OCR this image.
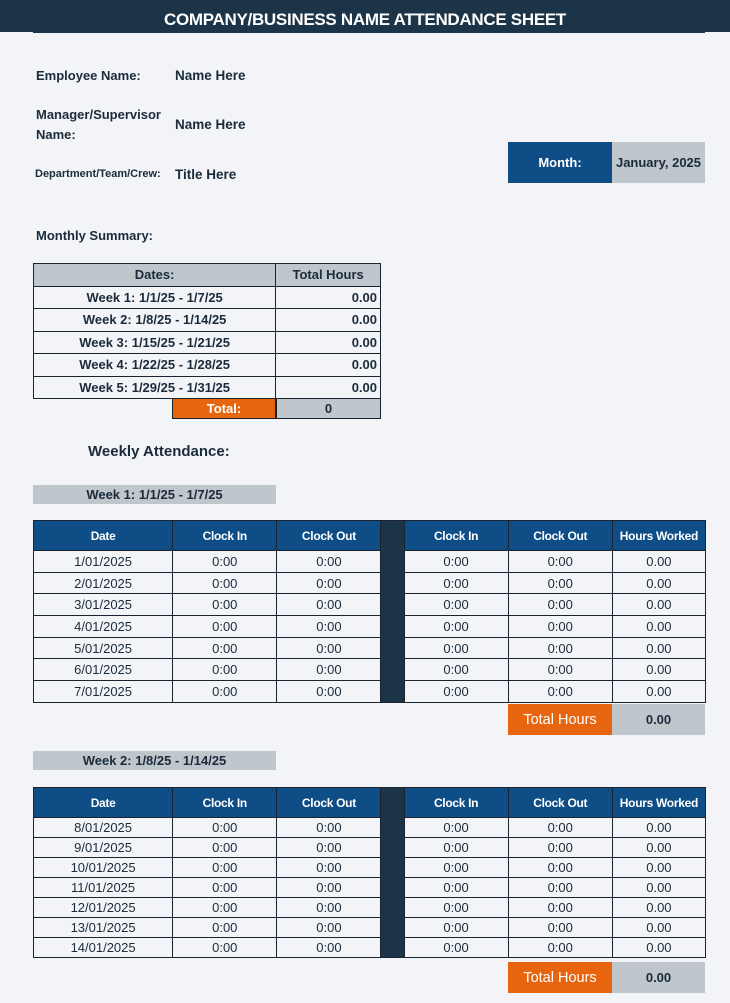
COMPANY/BUSINESS NAME ATTENDANCE SHEET
Employee Name:	Name Here
Manager/Supervisor
Name:
Name Here
Department/Team/Crew: Title Here
Month:	January, 2025
Monthly Summary:
Dates:	Total Hours
Week 1: 1/1/25 - 1/7/25	0.00
Week 2: 1/8/25 - 1/14/25	0.00
Week 3: 1/15/25 - 1/21/25	0.00
Week 4: 1/22/25 - 1/28/25	0.00
Week 5: 1/29/25 - 1/31/25	0.00
Total:	0
Weekly Attendance:
Week 1: 1/1/25 - 1/7/25
Date	Clock In	Clock Out		Clock In	Clock Out	Hours Worked
1/01/2025	0:00	0:00		0:00	0:00	0.00
2/01/2025	0:00	0:00		0:00	0:00	0.00
3/01/2025	0:00	0:00		0:00	0:00	0.00
4/01/2025	0:00	0:00		0:00	0:00	0.00
5/01/2025	0:00	0:00		0:00	0:00	0.00
6/01/2025	0:00	0:00		0:00	0:00	0.00
7/01/2025	0:00	0:00		0:00	0:00	0.00
Total Hours	0.00
Week 2: 1/8/25 - 1/14/25
Date	Clock In	Clock Out		Clock In	Clock Out	Hours Worked
8/01/2025	0:00	0:00		0:00	0:00	0.00
9/01/2025	0:00	0:00		0:00	0:00	0.00
10/01/2025	0:00	0:00		0:00	0:00	0.00
11/01/2025	0:00	0:00		0:00	0:00	0.00
12/01/2025	0:00	0:00		0:00	0:00	0.00
13/01/2025	0:00	0:00		0:00	0:00	0.00
14/01/2025	0:00	0:00		0:00	0:00	0.00
Total Hours	0.00
